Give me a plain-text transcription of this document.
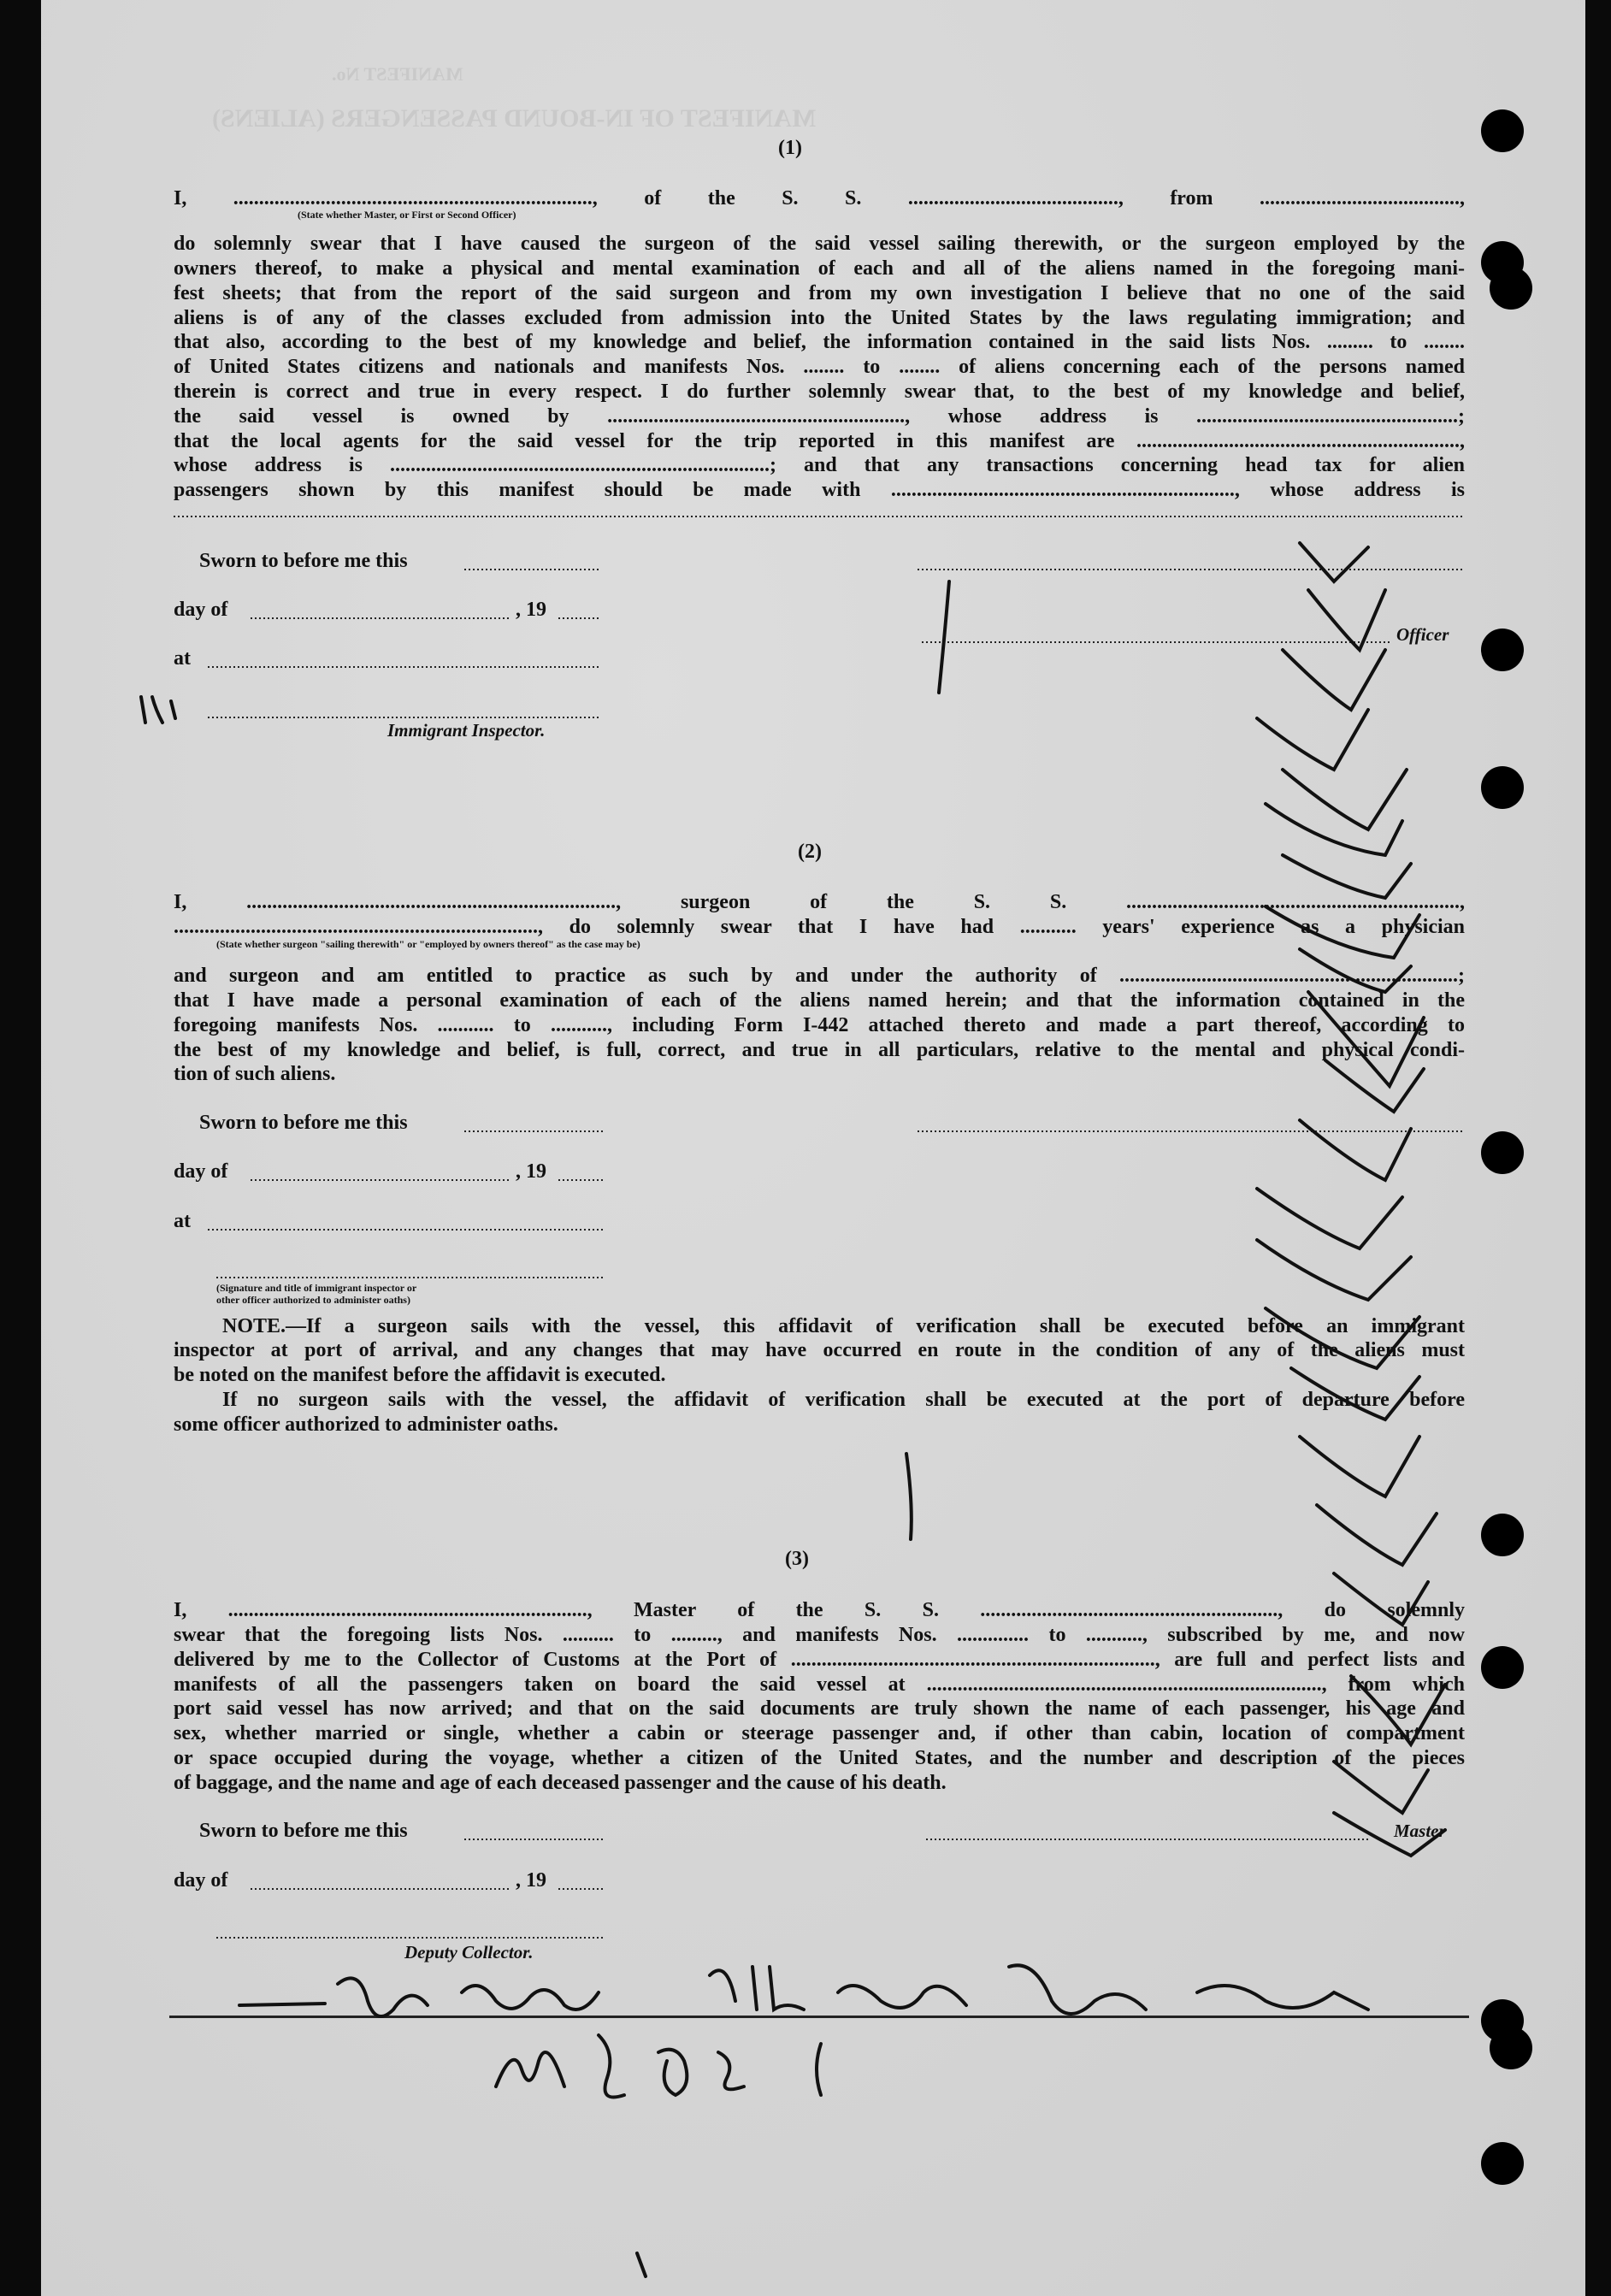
MANIFEST No.
MANIFEST OF IN-BOUND PASSENGERS (ALIENS)
(1)
I, ......................................................................, of the S. S. ........................................., from .......................................,
(State whether Master, or First or Second Officer)
do solemnly swear that I have caused the surgeon of the said vessel sailing therewith, or the surgeon employed by the
owners thereof, to make a physical and mental examination of each and all of the aliens named in the foregoing mani-
fest sheets; that from the report of the said surgeon and from my own investigation I believe that no one of the said
aliens is of any of the classes excluded from admission into the United States by the laws regulating immigration; and
that also, according to the best of my knowledge and belief, the information contained in the said lists Nos. ......... to ........
of United States citizens and nationals and manifests Nos. ........ to ........ of aliens concerning each of the persons named
therein is correct and true in every respect. I do further solemnly swear that, to the best of my knowledge and belief,
the said vessel is owned by .........................................................., whose address is ...................................................;
that the local agents for the said vessel for the trip reported in this manifest are ...............................................................,
whose address is ..........................................................................; and that any transactions concerning head tax for alien
passengers shown by this manifest should be made with ..................................................................., whose address is
Sworn to before me this
day of	, 19
Officer
at
Immigrant Inspector.
(2)
I, ........................................................................, surgeon of the S. S. .................................................................,
......................................................................., do solemnly swear that I have had ........... years' experience as a physician
(State whether surgeon "sailing therewith" or "employed by owners thereof" as the case may be)
and surgeon and am entitled to practice as such by and under the authority of ..................................................................;
that I have made a personal examination of each of the aliens named herein; and that the information contained in the
foregoing manifests Nos. ........... to ..........., including Form I-442 attached thereto and made a part thereof, according to
the best of my knowledge and belief, is full, correct, and true in all particulars, relative to the mental and physical condi-
tion of such aliens.
Sworn to before me this
day of	, 19
at
(Signature and title of immigrant inspector or
other officer authorized to administer oaths)
NOTE.—If a surgeon sails with the vessel, this affidavit of verification shall be executed before an immigrant
inspector at port of arrival, and any changes that may have occurred en route in the condition of any of the aliens must
be noted on the manifest before the affidavit is executed.
If no surgeon sails with the vessel, the affidavit of verification shall be executed at the port of departure before
some officer authorized to administer oaths.
(3)
I, ......................................................................, Master of the S. S. .........................................................., do solemnly
swear that the foregoing lists Nos. .......... to ........., and manifests Nos. .............. to ..........., subscribed by me, and now
delivered by me to the Collector of Customs at the Port of ......................................................................., are full and perfect lists and
manifests of all the passengers taken on board the said vessel at ............................................................................., from which
port said vessel has now arrived; and that on the said documents are truly shown the name of each passenger, his age and
sex, whether married or single, whether a cabin or steerage passenger and, if other than cabin, location of compartment
or space occupied during the voyage, whether a citizen of the United States, and the number and description of the pieces
of baggage, and the name and age of each deceased passenger and the cause of his death.
Sworn to before me this	Master
day of	, 19
Deputy Collector.
